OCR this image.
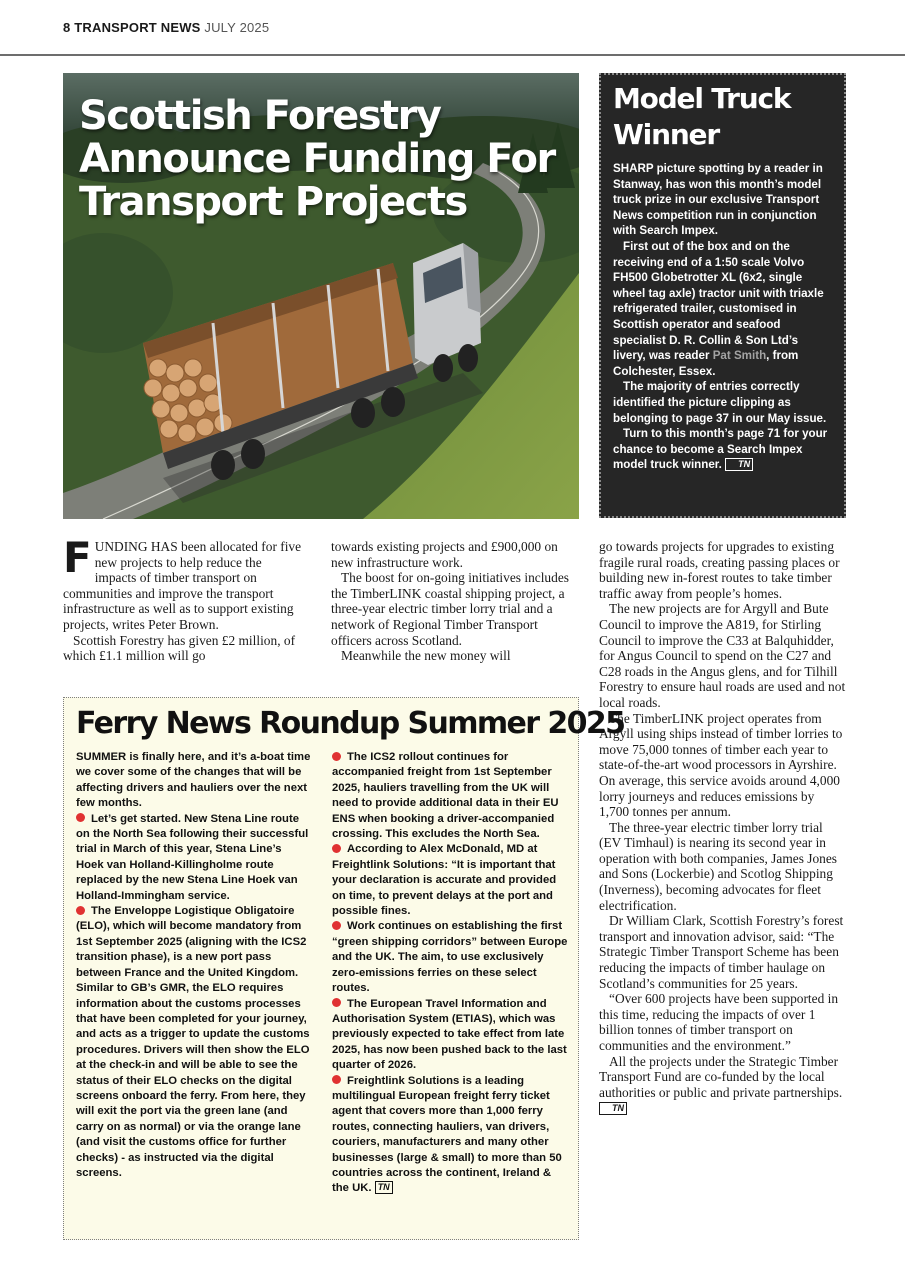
8 TRANSPORT NEWS JULY 2025
Scottish Forestry
Announce Funding For
Transport Projects
Model Truck
Winner

SHARP picture spotting by a reader in Stanway, has won this month’s model truck prize in our exclusive Transport News competition run in conjunction with Search Impex.

First out of the box and on the receiving end of a 1:50 scale Volvo FH500 Globetrotter XL (6x2, single wheel tag axle) tractor unit with triaxle refrigerated trailer, customised in Scottish operator and seafood specialist D. R. Collin & Son Ltd’s livery, was reader Pat Smith, from Colchester, Essex.

The majority of entries correctly identified the picture clipping as belonging to page 37 in our May issue.

Turn to this month’s page 71 for your chance to become a Search Impex model truck winner. TN

FUNDING HAS been allocated for five new projects to help reduce the impacts of timber transport on communities and improve the transport infrastructure as well as to support existing projects, writes Peter Brown.

Scottish Forestry has given £2 million, of which £1.1 million will go

towards existing projects and £900,000 on new infrastructure work.

The boost for on-going initiatives includes the TimberLINK coastal shipping project, a three-year electric timber lorry trial and a network of Regional Timber Transport officers across Scotland.

Meanwhile the new money will

go towards projects for upgrades to existing fragile rural roads, creating passing places or building new in-forest routes to take timber traffic away from people’s homes.

The new projects are for Argyll and Bute Council to improve the A819, for Stirling Council to improve the C33 at Balquhidder, for Angus Council to spend on the C27 and C28 roads in the Angus glens, and for Tilhill Forestry to ensure haul roads are used and not local roads.

The TimberLINK project operates from Argyll using ships instead of timber lorries to move 75,000 tonnes of timber each year to state-of-the-art wood processors in Ayrshire. On average, this service avoids around 4,000 lorry journeys and reduces emissions by 1,700 tonnes per annum.

The three-year electric timber lorry trial (EV Timhaul) is nearing its second year in operation with both companies, James Jones and Sons (Lockerbie) and Scotlog Shipping (Inverness), becoming advocates for fleet electrification.

Dr William Clark, Scottish Forestry’s forest transport and innovation advisor, said: “The Strategic Timber Transport Scheme has been reducing the impacts of timber haulage on Scotland’s communities for 25 years.

“Over 600 projects have been supported in this time, reducing the impacts of over 1 billion tonnes of timber transport on communities and the environment.”

All the projects under the Strategic Timber Transport Fund are co-funded by the local authorities or public and private partnerships. TN

Ferry News Roundup Summer 2025

SUMMER is finally here, and it’s a-boat time we cover some of the changes that will be affecting drivers and hauliers over the next few months.

Let’s get started. New Stena Line route on the North Sea following their successful trial in March of this year, Stena Line’s Hoek van Holland-Killingholme route replaced by the new Stena Line Hoek van Holland-Immingham service.

The Enveloppe Logistique Obligatoire (ELO), which will become mandatory from 1st September 2025 (aligning with the ICS2 transition phase), is a new port pass between France and the United Kingdom. Similar to GB’s GMR, the ELO requires information about the customs processes that have been completed for your journey, and acts as a trigger to update the customs procedures. Drivers will then show the ELO at the check-in and will be able to see the status of their ELO checks on the digital screens onboard the ferry. From here, they will exit the port via the green lane (and carry on as normal) or via the orange lane (and visit the customs office for further checks) - as instructed via the digital screens.

The ICS2 rollout continues for accompanied freight from 1st September 2025, hauliers travelling from the UK will need to provide additional data in their EU ENS when booking a driver-accompanied crossing. This excludes the North Sea.

According to Alex McDonald, MD at Freightlink Solutions: “It is important that your declaration is accurate and provided on time, to prevent delays at the port and possible fines.

Work continues on establishing the first “green shipping corridors” between Europe and the UK. The aim, to use exclusively zero-emissions ferries on these select routes.

The European Travel Information and Authorisation System (ETIAS), which was previously expected to take effect from late 2025, has now been pushed back to the last quarter of 2026.

Freightlink Solutions is a leading multilingual European freight ferry ticket agent that covers more than 1,000 ferry routes, connecting hauliers, van drivers, couriers, manufacturers and many other businesses (large & small) to more than 50 countries across the continent, Ireland & the UK. TN
